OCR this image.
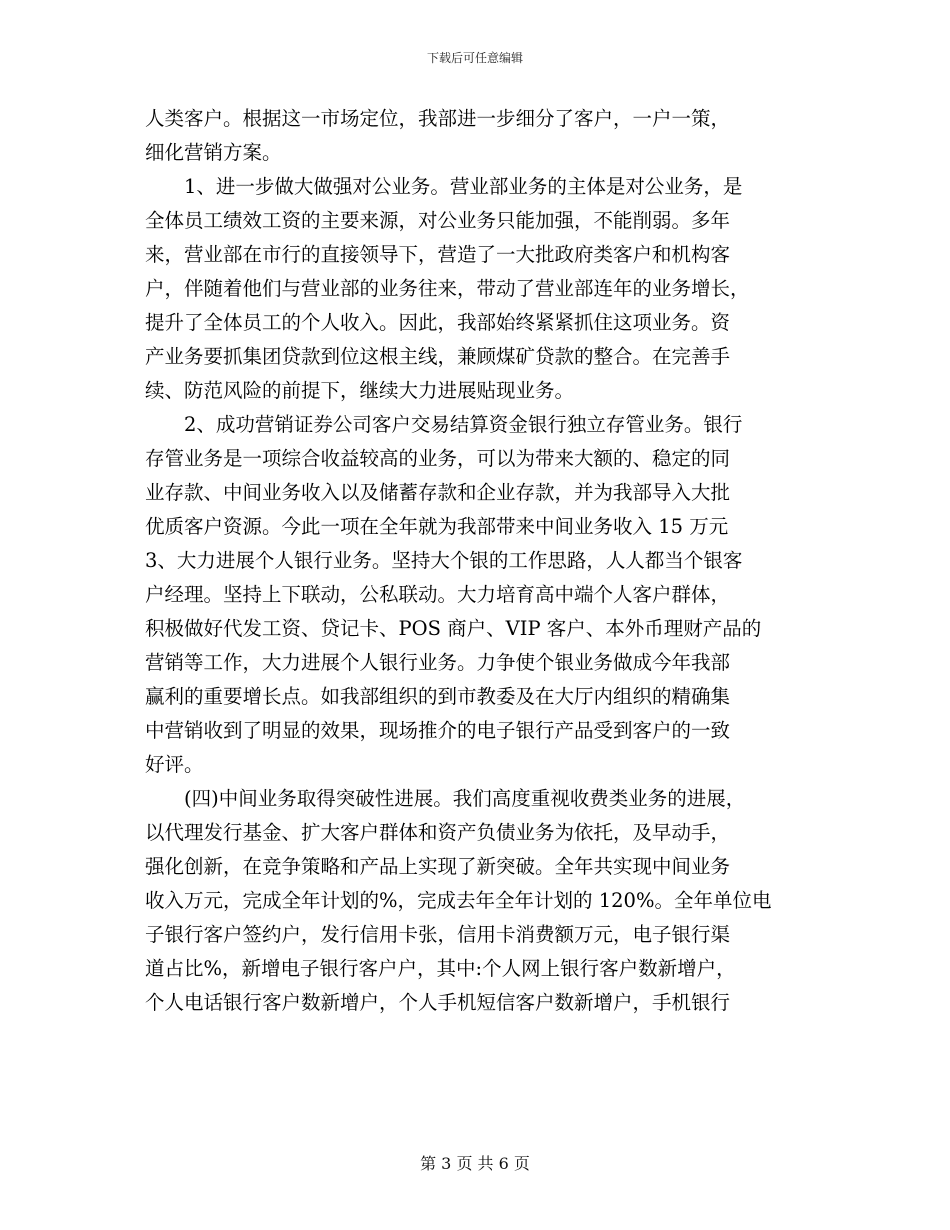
下载后可任意编辑
人类客户。根据这一市场定位，我部进一步细分了客户，一户一策，
细化营销方案。
　　1、进一步做大做强对公业务。营业部业务的主体是对公业务，是
全体员工绩效工资的主要来源，对公业务只能加强，不能削弱。多年
来，营业部在市行的直接领导下，营造了一大批政府类客户和机构客
户，伴随着他们与营业部的业务往来，带动了营业部连年的业务增长，
提升了全体员工的个人收入。因此，我部始终紧紧抓住这项业务。资
产业务要抓集团贷款到位这根主线，兼顾煤矿贷款的整合。在完善手
续、防范风险的前提下，继续大力进展贴现业务。
　　2、成功营销证券公司客户交易结算资金银行独立存管业务。银行
存管业务是一项综合收益较高的业务，可以为带来大额的、稳定的同
业存款、中间业务收入以及储蓄存款和企业存款，并为我部导入大批
优质客户资源。今此一项在全年就为我部带来中间业务收入 15 万元
3、大力进展个人银行业务。坚持大个银的工作思路，人人都当个银客
户经理。坚持上下联动，公私联动。大力培育高中端个人客户群体，
积极做好代发工资、贷记卡、POS 商户、VIP 客户、本外币理财产品的
营销等工作，大力进展个人银行业务。力争使个银业务做成今年我部
赢利的重要增长点。如我部组织的到市教委及在大厅内组织的精确集
中营销收到了明显的效果，现场推介的电子银行产品受到客户的一致
好评。
　　(四)中间业务取得突破性进展。我们高度重视收费类业务的进展，
以代理发行基金、扩大客户群体和资产负债业务为依托，及早动手，
强化创新，在竞争策略和产品上实现了新突破。全年共实现中间业务
收入万元，完成全年计划的%，完成去年全年计划的 120%。全年单位电
子银行客户签约户，发行信用卡张，信用卡消费额万元，电子银行渠
道占比%，新增电子银行客户户，其中:个人网上银行客户数新增户，
个人电话银行客户数新增户，个人手机短信客户数新增户，手机银行
第 3 页 共 6 页
